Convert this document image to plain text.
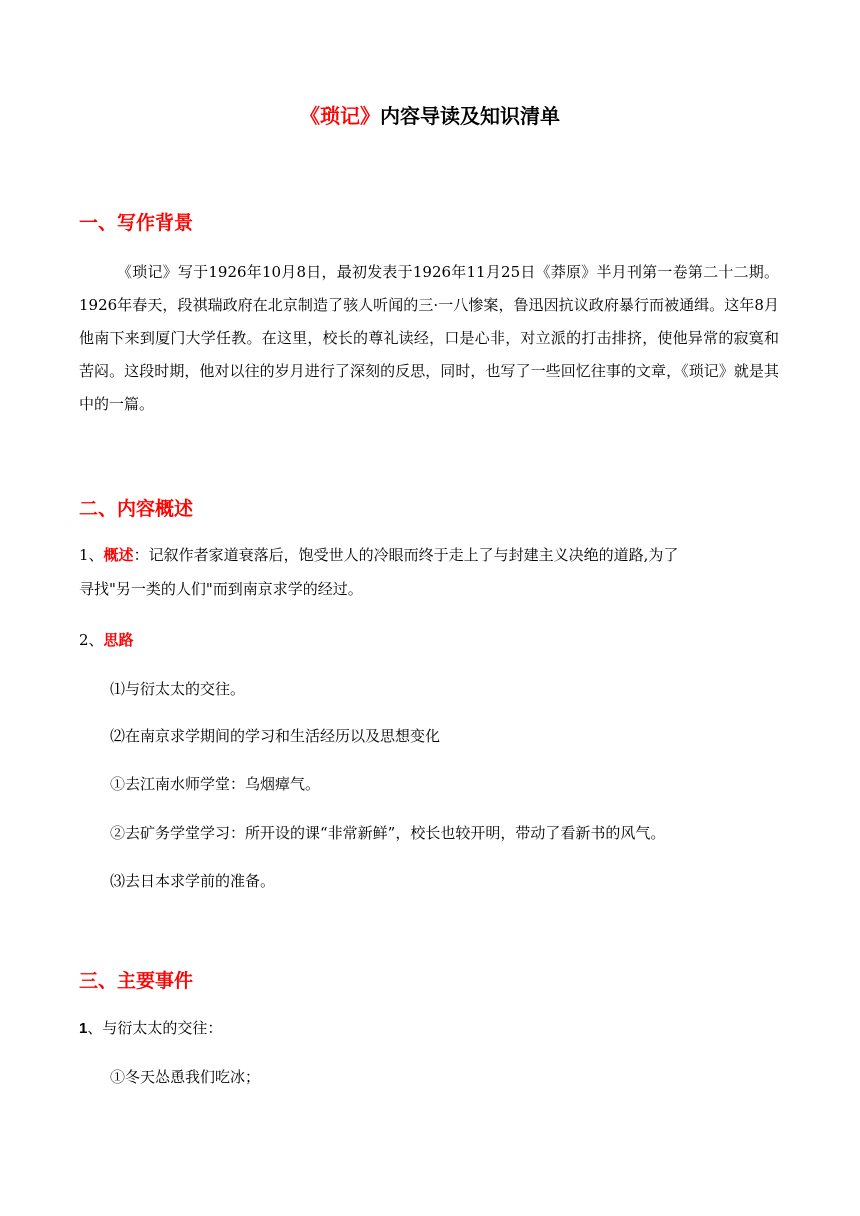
《琐记》内容导读及知识清单
一、写作背景
《琐记》写于1926年10月8日，最初发表于1926年11月25日《莽原》半月刊第一卷第二十二期。1926年春天，段祺瑞政府在北京制造了骇人听闻的三·一八惨案，鲁迅因抗议政府暴行而被通缉。这年8月他南下来到厦门大学任教。在这里，校长的尊礼读经，口是心非，对立派的打击排挤，使他异常的寂寞和苦闷。这段时期，他对以往的岁月进行了深刻的反思，同时，也写了一些回忆往事的文章，《琐记》就是其中的一篇。
二、内容概述
1、概述：记叙作者家道衰落后，饱受世人的冷眼而终于走上了与封建主义决绝的道路,为了
寻找"另一类的人们"而到南京求学的经过。
2、思路
⑴与衍太太的交往。
⑵在南京求学期间的学习和生活经历以及思想变化
①去江南水师学堂：乌烟瘴气。
②去矿务学堂学习：所开设的课“非常新鲜”，校长也较开明，带动了看新书的风气。
⑶去日本求学前的准备。
三、主要事件
1、与衍太太的交往：
①冬天怂恿我们吃冰；
